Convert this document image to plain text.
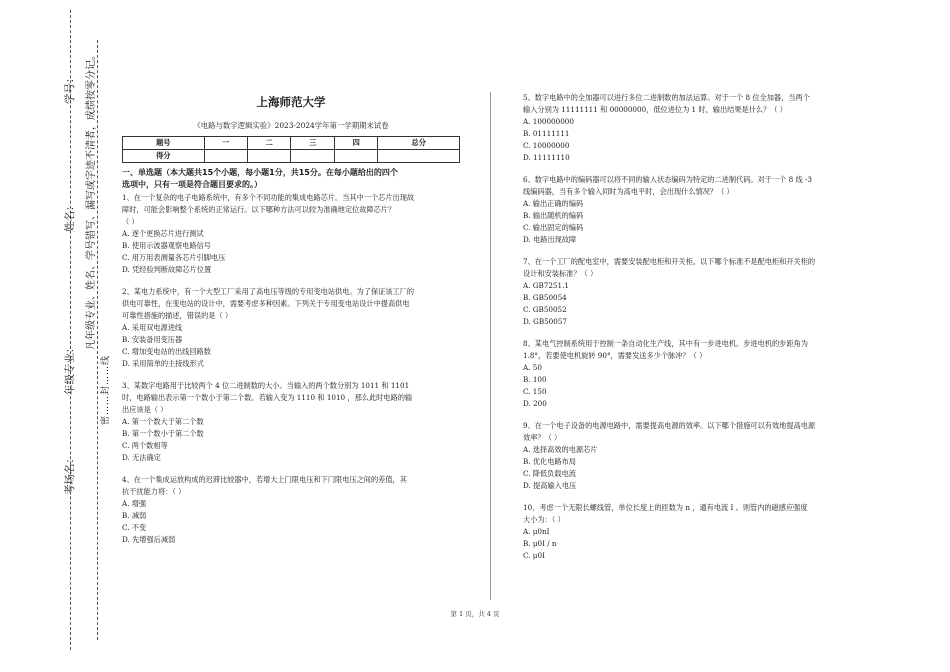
学号：	凡年级专业、姓名、学号错写、漏写或字迹不清者，成绩按零分记。
姓名：
密……封……线
年级专业：
考场名：
上海师范大学
《电路与数字逻辑实验》2023-2024学年第一学期期末试卷
题号	一	二	三	四	总分
得分					
一、单选题（本大题共15个小题，每小题1分，共15分。在每小题给出的四个
选项中，只有一项是符合题目要求的。）
1、在一个复杂的电子电路系统中，有多个不同功能的集成电路芯片。当其中一个芯片出现故
障时，可能会影响整个系统的正常运行。以下哪种方法可以较为准确地定位故障芯片？
（ ）
A. 逐个更换芯片进行测试
B. 使用示波器观察电路信号
C. 用万用表测量各芯片引脚电压
D. 凭经验判断故障芯片位置
2、某电力系统中，有一个大型工厂采用了高电压等级的专用变电站供电。为了保证该工厂的
供电可靠性，在变电站的设计中，需要考虑多种因素。下列关于专用变电站设计中提高供电
可靠性措施的描述，错误的是（ ）
A. 采用双电源进线
B. 安装备用变压器
C. 增加变电站的出线回路数
D. 采用简单的主接线形式
3、某数字电路用于比较两个 4 位二进制数的大小。当输入的两个数分别为 1011 和 1101
时，电路输出表示第一个数小于第二个数。若输入变为 1110 和 1010 ，那么此时电路的输
出应该是（ ）
A. 第一个数大于第二个数
B. 第一个数小于第二个数
C. 两个数相等
D. 无法确定
4、在一个集成运放构成的迟滞比较器中，若增大上门限电压和下门限电压之间的差值，其
抗干扰能力将：（ ）
A. 增强
B. 减弱
C. 不变
D. 先增强后减弱
5、数字电路中的全加器可以进行多位二进制数的加法运算。对于一个 8 位全加器，当两个
输入分别为 11111111 和 00000000，低位进位为 1 时，输出结果是什么？（ ）
A. 100000000
B. 01111111
C. 10000000
D. 11111110
6、数字电路中的编码器可以将不同的输入状态编码为特定的二进制代码。对于一个 8 线 -3
线编码器，当有多个输入同时为高电平时，会出现什么情况？（ ）
A. 输出正确的编码
B. 输出随机的编码
C. 输出固定的编码
D. 电路出现故障
7、在一个工厂的配电室中，需要安装配电柜和开关柜。以下哪个标准不是配电柜和开关柜的
设计和安装标准？（ ）
A. GB7251.1
B. GB50054
C. GB50052
D. GB50057
8、某电气控制系统用于控制一条自动化生产线，其中有一步进电机。步进电机的步距角为
1.8°，若要使电机旋转 90°，需要发送多少个脉冲？（ ）
A. 50
B. 100
C. 150
D. 200
9、在一个电子设备的电源电路中，需要提高电源的效率。以下哪个措施可以有效地提高电源
效率？（ ）
A. 选择高效的电源芯片
B. 优化电路布局
C. 降低负载电流
D. 提高输入电压
10、考虑一个无限长螺线管，单位长度上的匝数为 n ，通有电流 I 。则管内的磁感应强度
大小为：（ ）
A. μ0nI
B. μ0I / n
C. μ0I
第 1 页，共 4 页
